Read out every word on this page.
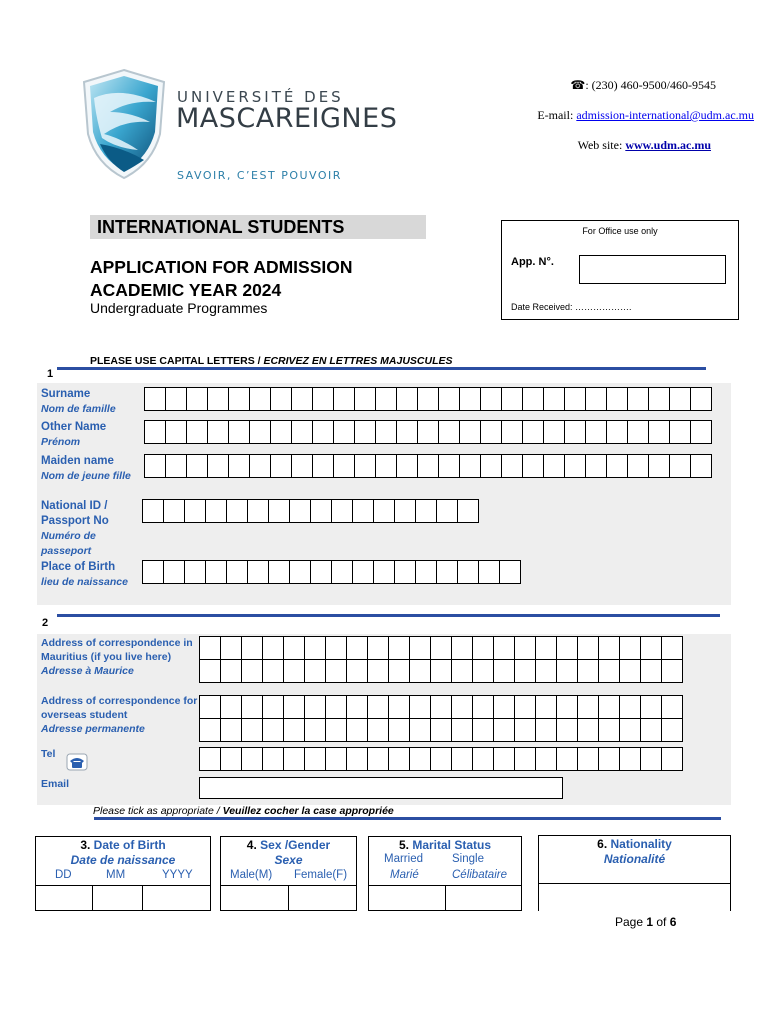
UNIVERSITÉ DES
MASCAREIGNES
SAVOIR, C’EST POUVOIR
☎: (230) 460-9500/460-9545
E-mail: admission-international@udm.ac.mu
Web site: www.udm.ac.mu
INTERNATIONAL STUDENTS
APPLICATION FOR ADMISSION
ACADEMIC YEAR 2024
Undergraduate Programmes
For Office use only
App. N°.
Date Received: ……………….
PLEASE USE CAPITAL LETTERS / ECRIVEZ EN LETTRES MAJUSCULES
1
Surname
Nom de famille
Other Name
Prénom
Maiden name
Nom de jeune fille
National ID / Passport No
Numéro de passeport
Place of Birth
lieu de naissance
2
Address of correspondence in Mauritius (if you live here)
Adresse à Maurice
Address of correspondence for overseas student
Adresse permanente
Tel
Email
Please tick as appropriate / Veuillez cocher la case appropriée
3. Date of Birth
Date de naissance
DD	MM	YYYY
4. Sex /Gender
Sexe
Male(M) Female(F)
5. Marital Status
Married	Single
Marié	Célibataire
6. Nationality
Nationalité
Page 1 of 6
